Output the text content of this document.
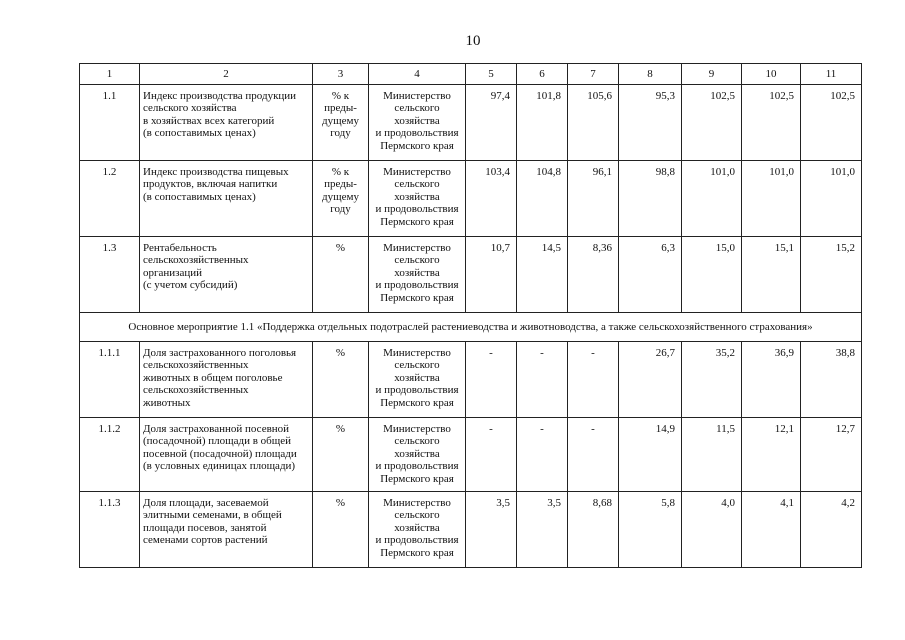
10
1	2	3	4	5	6	7	8	9	10	11
1.1	Индекс производства продукции
сельского хозяйства
в хозяйствах всех категорий
(в сопоставимых ценах)	% к
преды-
дущему
году	Министерство
сельского
хозяйства
и продовольствия
Пермского края	97,4	101,8	105,6	95,3	102,5	102,5	102,5
1.2	Индекс производства пищевых
продуктов, включая напитки
(в сопоставимых ценах)	% к
преды-
дущему
году	Министерство
сельского
хозяйства
и продовольствия
Пермского края	103,4	104,8	96,1	98,8	101,0	101,0	101,0
1.3	Рентабельность
сельскохозяйственных
организаций
(с учетом субсидий)	%	Министерство
сельского
хозяйства
и продовольствия
Пермского края	10,7	14,5	8,36	6,3	15,0	15,1	15,2
Основное мероприятие 1.1 «Поддержка отдельных подотраслей растениеводства и животноводства, а также сельскохозяйственного страхования»										
1.1.1	Доля застрахованного поголовья
сельскохозяйственных
животных в общем поголовье
сельскохозяйственных
животных	%	Министерство
сельского
хозяйства
и продовольствия
Пермского края	-	-	-	26,7	35,2	36,9	38,8
1.1.2	Доля застрахованной посевной
(посадочной) площади в общей
посевной (посадочной) площади
(в условных единицах площади)	%	Министерство
сельского
хозяйства
и продовольствия
Пермского края	-	-	-	14,9	11,5	12,1	12,7
1.1.3	Доля площади, засеваемой
элитными семенами, в общей
площади посевов, занятой
семенами сортов растений	%	Министерство
сельского
хозяйства
и продовольствия
Пермского края	3,5	3,5	8,68	5,8	4,0	4,1	4,2
